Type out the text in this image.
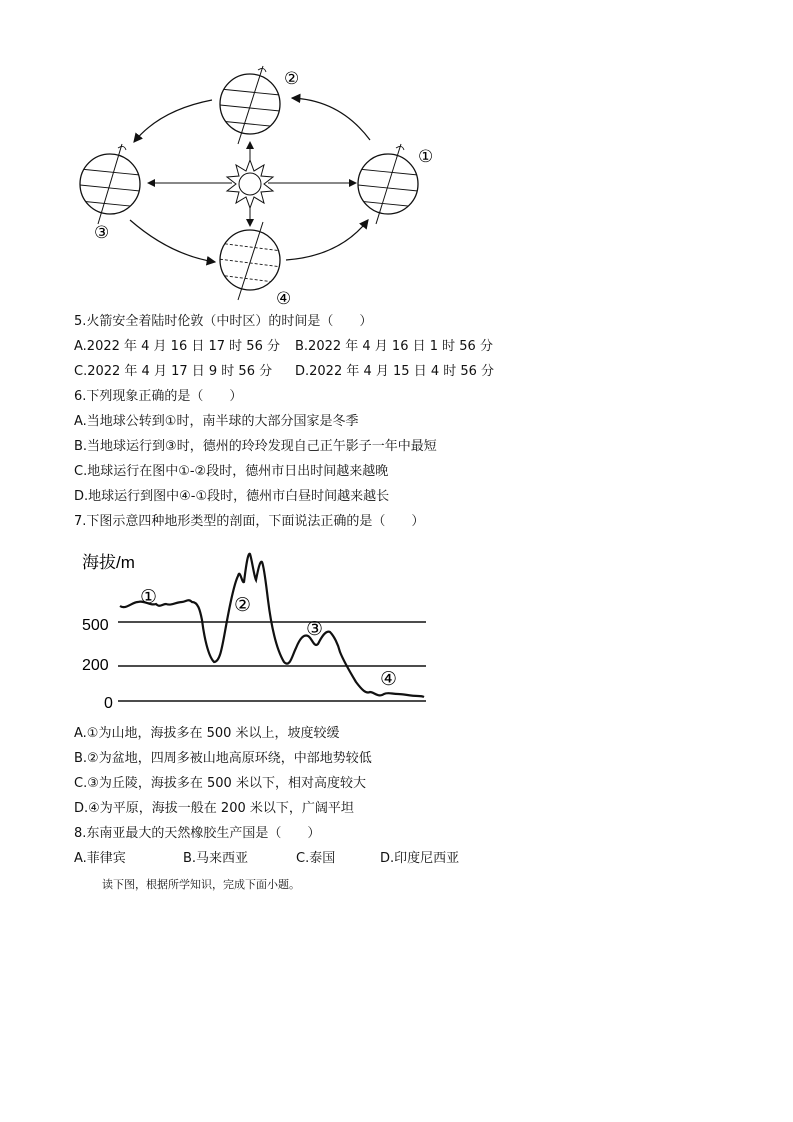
①
②
③
④
5.火箭安全着陆时伦敦（中时区）的时间是（　　）
A.2022 年 4 月 16 日 17 时 56 分 B.2022 年 4 月 16 日 1 时 56 分
C.2022 年 4 月 17 日 9 时 56 分 D.2022 年 4 月 15 日 4 时 56 分
6.下列现象正确的是（　　）
A.当地球公转到①时，南半球的大部分国家是冬季
B.当地球运行到③时，德州的玲玲发现自己正午影子一年中最短
C.地球运行在图中①-②段时，德州市日出时间越来越晚
D.地球运行到图中④-①段时，德州市白昼时间越来越长
7.下图示意四种地形类型的剖面，下面说法正确的是（　　）
海拔/m
500
200
0
①	②
③
④
A.①为山地，海拔多在 500 米以上，坡度较缓
B.②为盆地，四周多被山地高原环绕，中部地势较低
C.③为丘陵，海拔多在 500 米以下，相对高度较大
D.④为平原，海拔一般在 200 米以下，广阔平坦
8.东南亚最大的天然橡胶生产国是（　　）
A.菲律宾	B.马来西亚	C.泰国	D.印度尼西亚
读下图，根据所学知识，完成下面小题。
